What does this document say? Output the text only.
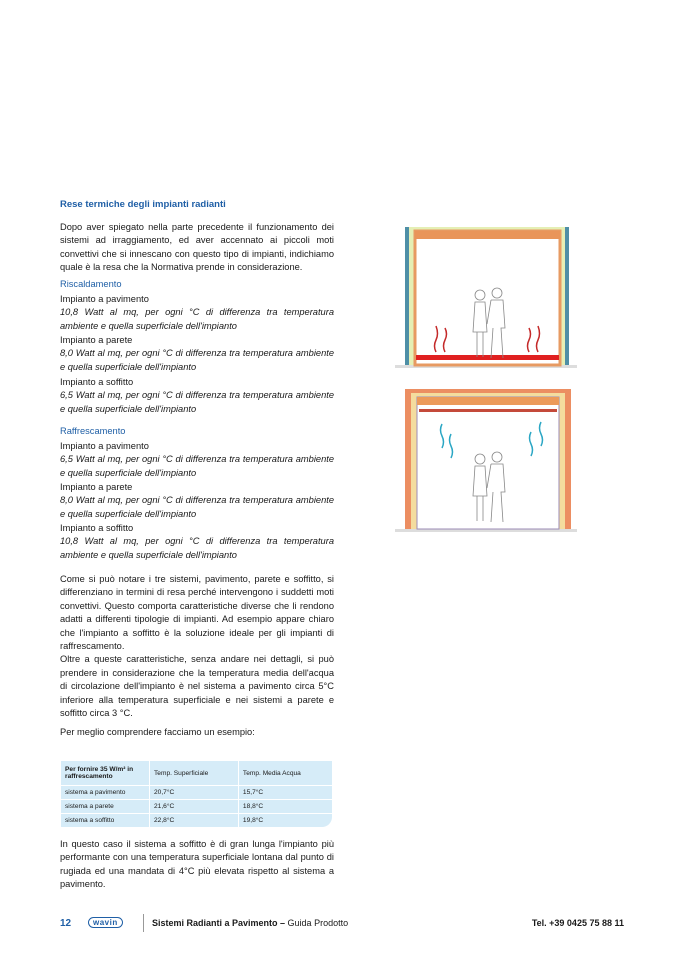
Rese termiche degli impianti radianti
Dopo aver spiegato nella parte precedente il funzionamento dei sistemi ad irraggiamento, ed aver accennato ai piccoli moti convettivi che si innescano con questo tipo di impianti, indichiamo quale è la resa che la Normativa prende in considerazione.
Riscaldamento
Impianto a pavimento
10,8 Watt al mq, per ogni °C di differenza tra temperatura ambiente e quella superficiale dell'impianto
Impianto a parete
8,0 Watt al mq, per ogni °C di differenza tra temperatura ambiente e quella superficiale dell'impianto
Impianto a soffitto
6,5 Watt al mq, per ogni °C di differenza tra temperatura ambiente e quella superficiale dell'impianto
Raffrescamento
Impianto a pavimento
6,5 Watt al mq, per ogni °C di differenza tra temperatura ambiente e quella superficiale dell'impianto
Impianto a parete
8,0 Watt al mq, per ogni °C di differenza tra temperatura ambiente e quella superficiale dell'impianto
Impianto a soffitto
10,8 Watt al mq, per ogni °C di differenza tra temperatura ambiente e quella superficiale dell'impianto
Come si può notare i tre sistemi, pavimento, parete e soffitto, si differenziano in termini di resa perché intervengono i suddetti moti convettivi. Questo comporta caratteristiche diverse che li rendono adatti a differenti tipologie di impianti. Ad esempio appare chiaro che l'impianto a soffitto è la soluzione ideale per gli impianti di raffrescamento.
Oltre a queste caratteristiche, senza andare nei dettagli, si può prendere in considerazione che la temperatura media dell'acqua di circolazione dell'impianto è nel sistema a pavimento circa 5°C inferiore alla temperatura superficiale e nei sistemi a parete e soffitto circa 3 °C.
Per meglio comprendere facciamo un esempio:
Per fornire 35 W/m² in raffrescamento	Temp. Superficiale	Temp. Media Acqua
sistema a pavimento	20,7°C	15,7°C
sistema a parete	21,6°C	18,8°C
sistema a soffitto	22,8°C	19,8°C
In questo caso il sistema a soffitto è di gran lunga l'impianto più performante con una temperatura superficiale lontana dal punto di rugiada ed una mandata di 4°C più elevata rispetto al sistema a pavimento.
12	wavin	Sistemi Radianti a Pavimento – Guida Prodotto	Tel. +39 0425 75 88 11
